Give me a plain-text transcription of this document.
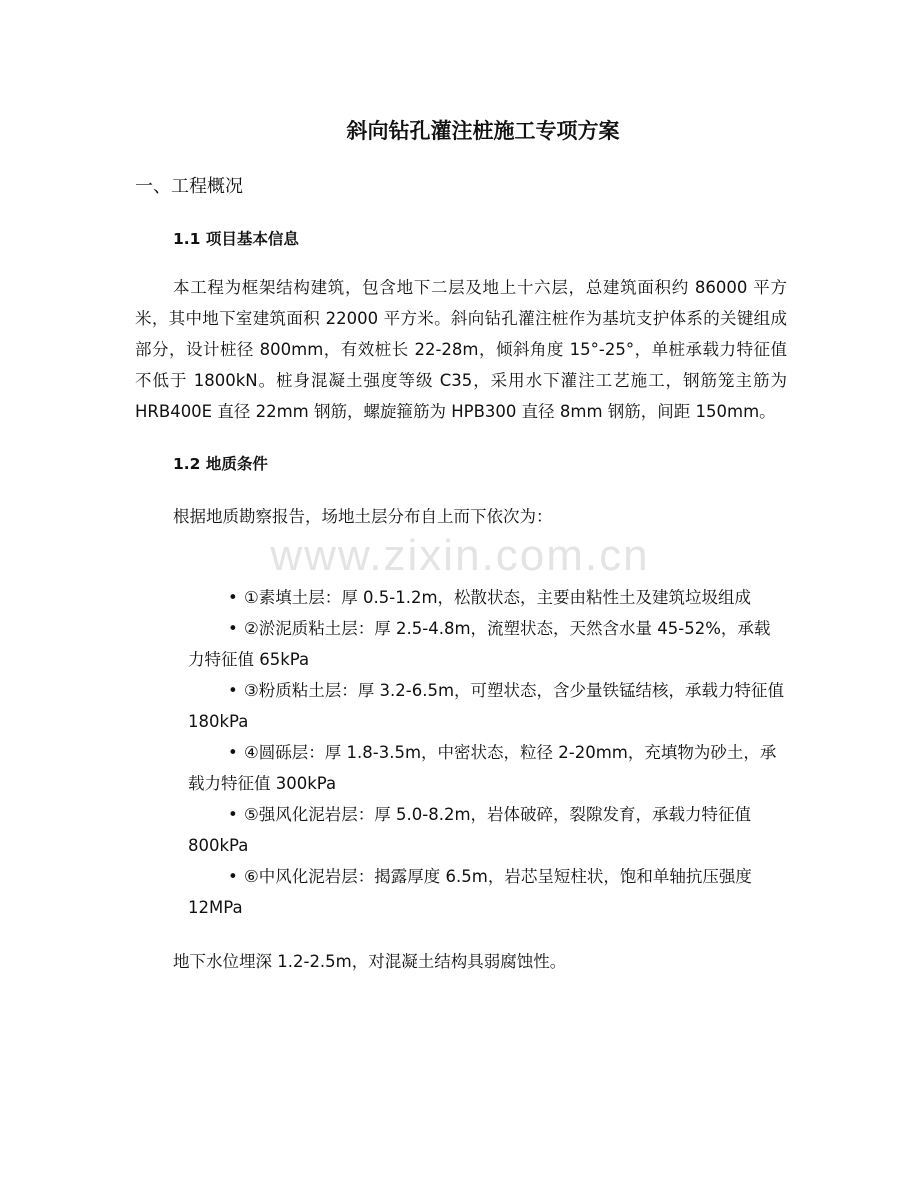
斜向钻孔灌注桩施工专项方案
一、工程概况
1.1 项目基本信息
本工程为框架结构建筑，包含地下二层及地上十六层，总建筑面积约 86000 平方米，其中地下室建筑面积 22000 平方米。斜向钻孔灌注桩作为基坑支护体系的关键组成部分，设计桩径 800mm，有效桩长 22-28m，倾斜角度 15°-25°，单桩承载力特征值不低于 1800kN。桩身混凝土强度等级 C35，采用水下灌注工艺施工，钢筋笼主筋为 HRB400E 直径 22mm 钢筋，螺旋箍筋为 HPB300 直径 8mm 钢筋，间距 150mm。
1.2 地质条件
根据地质勘察报告，场地土层分布自上而下依次为：
www.zixin.com.cn
• ①素填土层：厚 0.5-1.2m，松散状态，主要由粘性土及建筑垃圾组成
• ②淤泥质粘土层：厚 2.5-4.8m，流塑状态，天然含水量 45-52%，承载力特征值 65kPa
• ③粉质粘土层：厚 3.2-6.5m，可塑状态，含少量铁锰结核，承载力特征值 180kPa
• ④圆砾层：厚 1.8-3.5m，中密状态，粒径 2-20mm，充填物为砂土，承载力特征值 300kPa
• ⑤强风化泥岩层：厚 5.0-8.2m，岩体破碎，裂隙发育，承载力特征值 800kPa
• ⑥中风化泥岩层：揭露厚度 6.5m，岩芯呈短柱状，饱和单轴抗压强度 12MPa
地下水位埋深 1.2-2.5m，对混凝土结构具弱腐蚀性。
